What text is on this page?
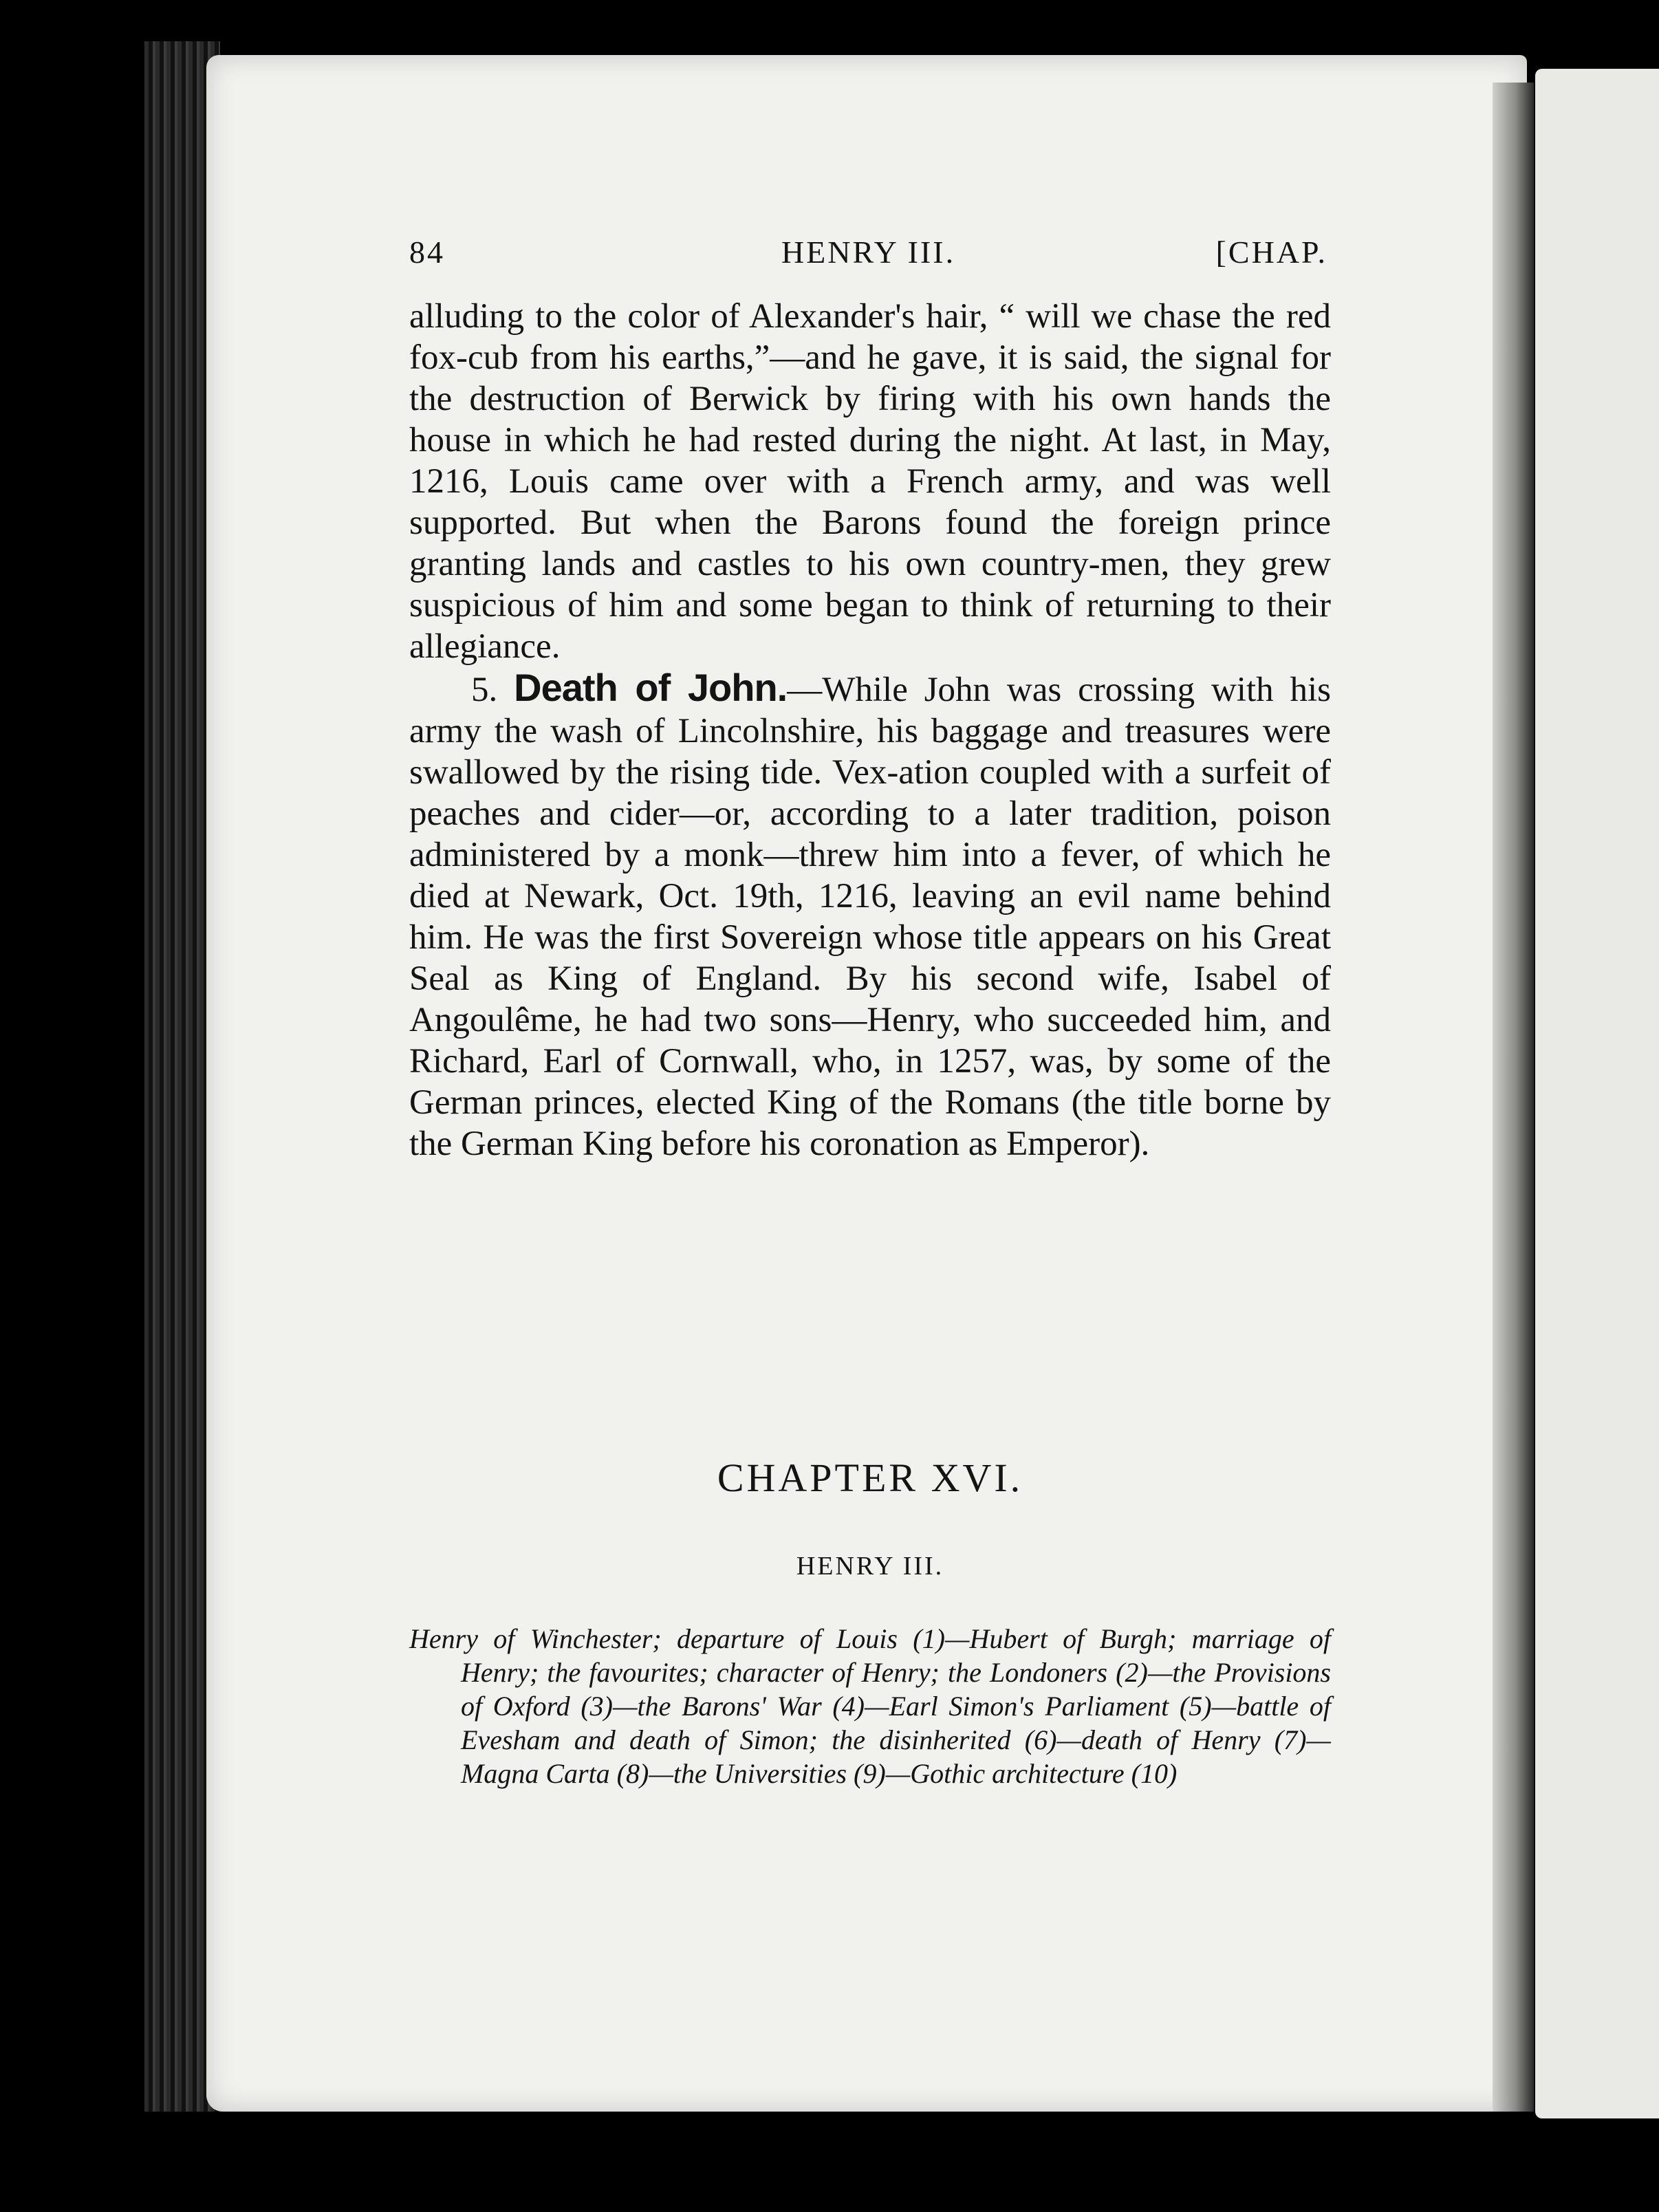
84	HENRY III.	[CHAP.

alluding to the color of Alexander's hair, “ will we chase the red fox-cub from his earths,”—and he gave, it is said, the signal for the destruction of Berwick by firing with his own hands the house in which he had rested during the night. At last, in May, 1216, Louis came over with a French army, and was well supported. But when the Barons found the foreign prince granting lands and castles to his own country-men, they grew suspicious of him and some began to think of returning to their allegiance.

5. Death of John.—While John was crossing with his army the wash of Lincolnshire, his baggage and treasures were swallowed by the rising tide. Vex-ation coupled with a surfeit of peaches and cider—or, according to a later tradition, poison administered by a monk—threw him into a fever, of which he died at Newark, Oct. 19th, 1216, leaving an evil name behind him. He was the first Sovereign whose title appears on his Great Seal as King of England. By his second wife, Isabel of Angoulême, he had two sons—Henry, who succeeded him, and Richard, Earl of Cornwall, who, in 1257, was, by some of the German princes, elected King of the Romans (the title borne by the German King before his coronation as Emperor).

CHAPTER XVI.
HENRY III.
Henry of Winchester; departure of Louis (1)—Hubert of Burgh; marriage of Henry; the favourites; character of Henry; the Londoners (2)—the Provisions of Oxford (3)—the Barons' War (4)—Earl Simon's Parliament (5)—battle of Evesham and death of Simon; the disinherited (6)—death of Henry (7)—Magna Carta (8)—the Universities (9)—Gothic architecture (10)
